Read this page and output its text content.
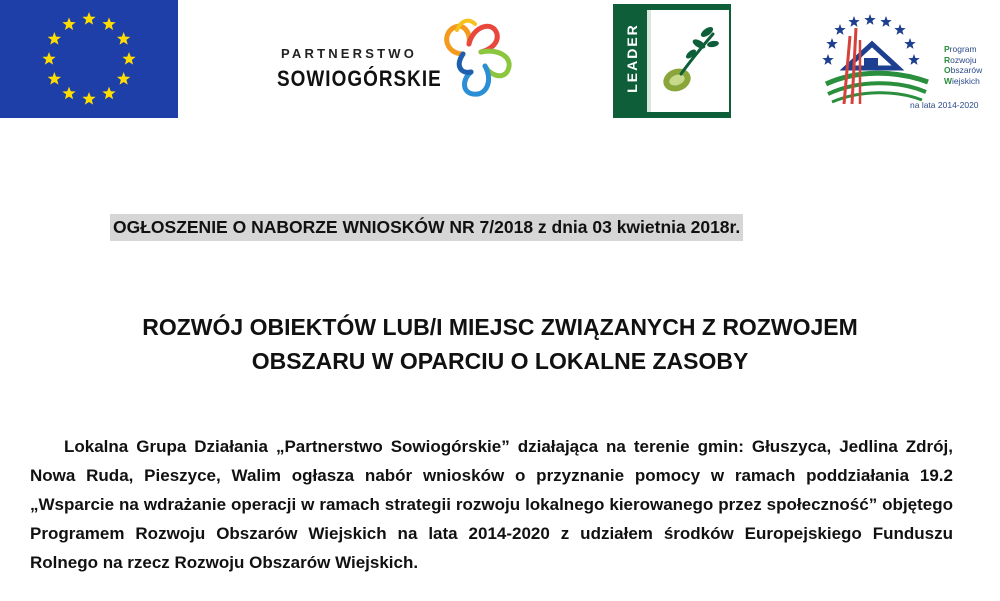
PARTNERSTWO
SOWIOGÓRSKIE	LEADER	Program
Rozwoju
Obszarów
Wiejskich
na lata 2014-2020
OGŁOSZENIE O NABORZE WNIOSKÓW NR 7/2018 z dnia 03 kwietnia 2018r.
ROZWÓJ OBIEKTÓW LUB/I MIEJSC ZWIĄZANYCH Z ROZWOJEM
OBSZARU W OPARCIU O LOKALNE ZASOBY

Lokalna Grupa Działania „Partnerstwo Sowiogórskie” działająca na terenie gmin: Głuszyca, Jedlina Zdrój, Nowa Ruda, Pieszyce, Walim ogłasza nabór wniosków o przyznanie pomocy w ramach poddziałania 19.2 „Wsparcie na wdrażanie operacji w ramach strategii rozwoju lokalnego kierowanego przez społeczność” objętego Programem Rozwoju Obszarów Wiejskich na lata 2014-2020 z udziałem środków Europejskiego Funduszu Rolnego na rzecz Rozwoju Obszarów Wiejskich.
